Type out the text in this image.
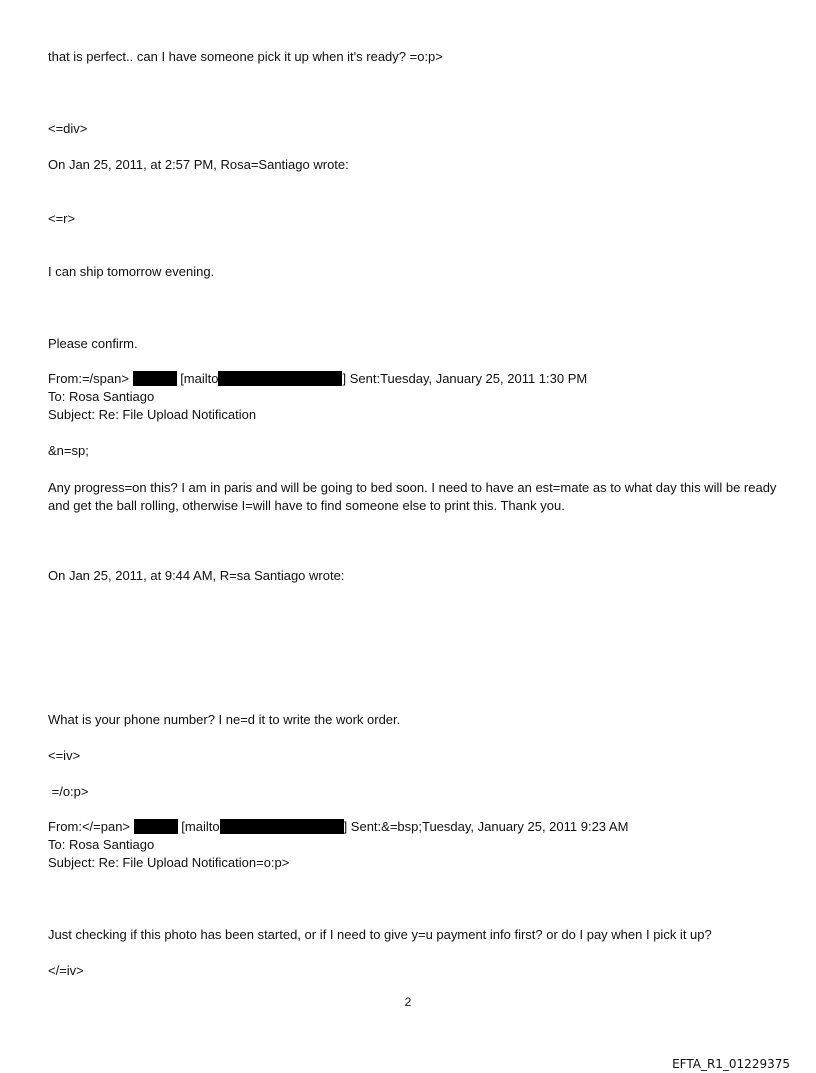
that is perfect.. can I have someone pick it up when it's ready? =o:p>
<=div>
On Jan 25, 2011, at 2:57 PM, Rosa=Santiago wrote:
<=r>
I can ship tomorrow evening.
Please confirm.
From:=/span>	[mailto	] Sent:Tuesday, January 25, 2011 1:30 PM
To: Rosa Santiago
Subject: Re: File Upload Notification
&n=sp;
Any progress=on this? I am in paris and will be going to bed soon. I need to have an est=mate as to what day this will be ready and get the ball rolling, otherwise I=will have to find someone else to print this. Thank you.
On Jan 25, 2011, at 9:44 AM, R=sa Santiago wrote:
What is your phone number? I ne=d it to write the work order.
<=iv>
=/o:p>
From:</=pan>	[mailto	] Sent:&=bsp;Tuesday, January 25, 2011 9:23 AM
To: Rosa Santiago
Subject: Re: File Upload Notification=o:p>
Just checking if this photo has been started, or if I need to give y=u payment info first? or do I pay when I pick it up?
</=iv>
2
EFTA_R1_01229375
